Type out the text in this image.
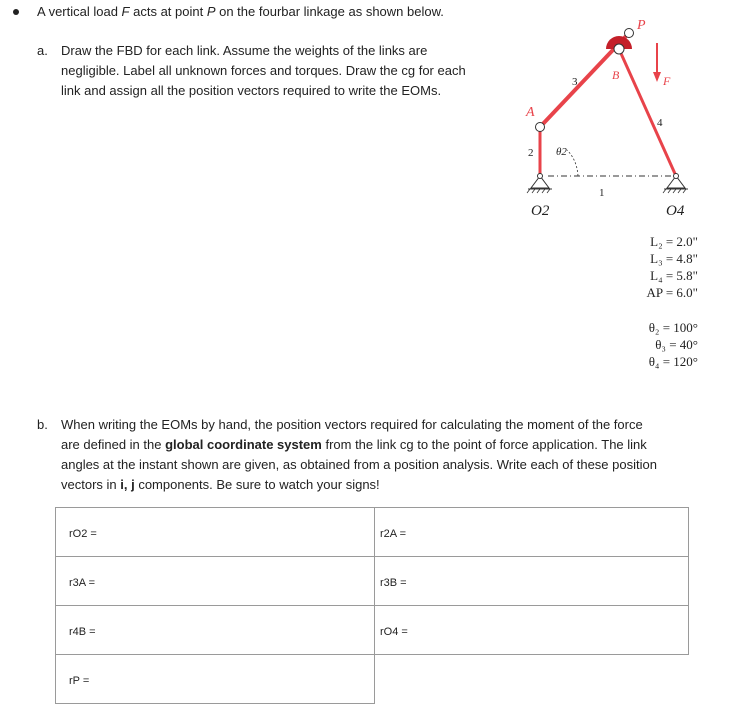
A vertical load F acts at point P on the fourbar linkage as shown below.
a. Draw the FBD for each link. Assume the weights of the links are
negligible. Label all unknown forces and torques. Draw the cg for each
link and assign all the position vectors required to write the EOMs.
P
B	F
A
3
4
2 θ2
1
O2	O4
L₂ = 2.0"
L₃ = 4.8"
L₄ = 5.8"
AP = 6.0"
θ₂ = 100°
θ₃ = 40°
θ₄ = 120°
b. When writing the EOMs by hand, the position vectors required for calculating the moment of the force
are defined in the global coordinate system from the link cg to the point of force application. The link
angles at the instant shown are given, as obtained from a position analysis. Write each of these position
vectors in i, j components. Be sure to watch your signs!
rO2 =	r2A =
r3A =	r3B =
r4B =	rO4 =
rP =	
